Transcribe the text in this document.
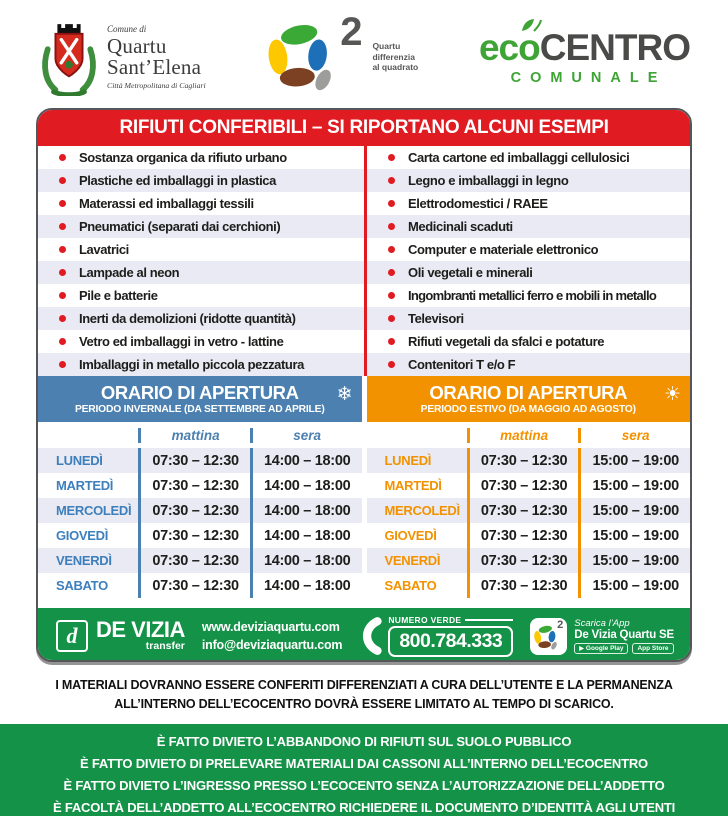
Comune di
Quartu
Sant’Elena
Città Metropolitana di Cagliari
2 Quartu
differenzia
al quadrato ec o CENTRO
COMUNALE
RIFIUTI CONFERIBILI – SI RIPORTANO ALCUNI ESEMPI
Sostanza organica da rifiuto urbano
Plastiche ed imballaggi in plastica
Materassi ed imballaggi tessili
Pneumatici (separati dai cerchioni)
Lavatrici
Lampade al neon
Pile e batterie
Inerti da demolizioni (ridotte quantità)
Vetro ed imballaggi in vetro - lattine
Imballaggi in metallo piccola pezzatura
Carta cartone ed imballaggi cellulosici
Legno e imballaggi in legno
Elettrodomestici / RAEE
Medicinali scaduti
Computer e materiale elettronico
Oli vegetali e minerali
Ingombranti metallici ferro e mobili in metallo
Televisori
Rifiuti vegetali da sfalci e potature
Contenitori T e/o F
ORARIO DI APERTURA
PERIODO INVERNALE (DA SETTEMBRE AD APRILE)
❄
mattina	sera
LUNEDÌ	07:30 – 12:30	14:00 – 18:00
MARTEDÌ	07:30 – 12:30	14:00 – 18:00
MERCOLEDÌ	07:30 – 12:30	14:00 – 18:00
GIOVEDÌ	07:30 – 12:30	14:00 – 18:00
VENERDÌ	07:30 – 12:30	14:00 – 18:00
SABATO	07:30 – 12:30	14:00 – 18:00
ORARIO DI APERTURA
PERIODO ESTIVO (DA MAGGIO AD AGOSTO)
☀
mattina	sera
LUNEDÌ	07:30 – 12:30	15:00 – 19:00
MARTEDÌ	07:30 – 12:30	15:00 – 19:00
MERCOLEDÌ	07:30 – 12:30	15:00 – 19:00
GIOVEDÌ	07:30 – 12:30	15:00 – 19:00
VENERDÌ	07:30 – 12:30	15:00 – 19:00
SABATO	07:30 – 12:30	15:00 – 19:00
d DE VIZIA
transfer
www.deviziaquartu.com
info@deviziaquartu.com
NUMERO VERDE
800.784.333
2 Scarica l’App
De Vizia Quartu SE
▶ Google Play App Store
I MATERIALI DOVRANNO ESSERE CONFERITI DIFFERENZIATI A CURA DELL’UTENTE E LA PERMANENZA
ALL’INTERNO DELL’ECOCENTRO DOVRÀ ESSERE LIMITATO AL TEMPO DI SCARICO.
È FATTO DIVIETO L’ABBANDONO DI RIFIUTI SUL SUOLO PUBBLICO
È FATTO DIVIETO DI PRELEVARE MATERIALI DAI CASSONI ALL’INTERNO DELL’ECOCENTRO
È FATTO DIVIETO L’INGRESSO PRESSO L’ECOCENTO SENZA L’AUTORIZZAZIONE DELL’ADDETTO
È FACOLTÀ DELL’ADDETTO ALL’ECOCENTRO RICHIEDERE IL DOCUMENTO D’IDENTITÀ AGLI UTENTI
